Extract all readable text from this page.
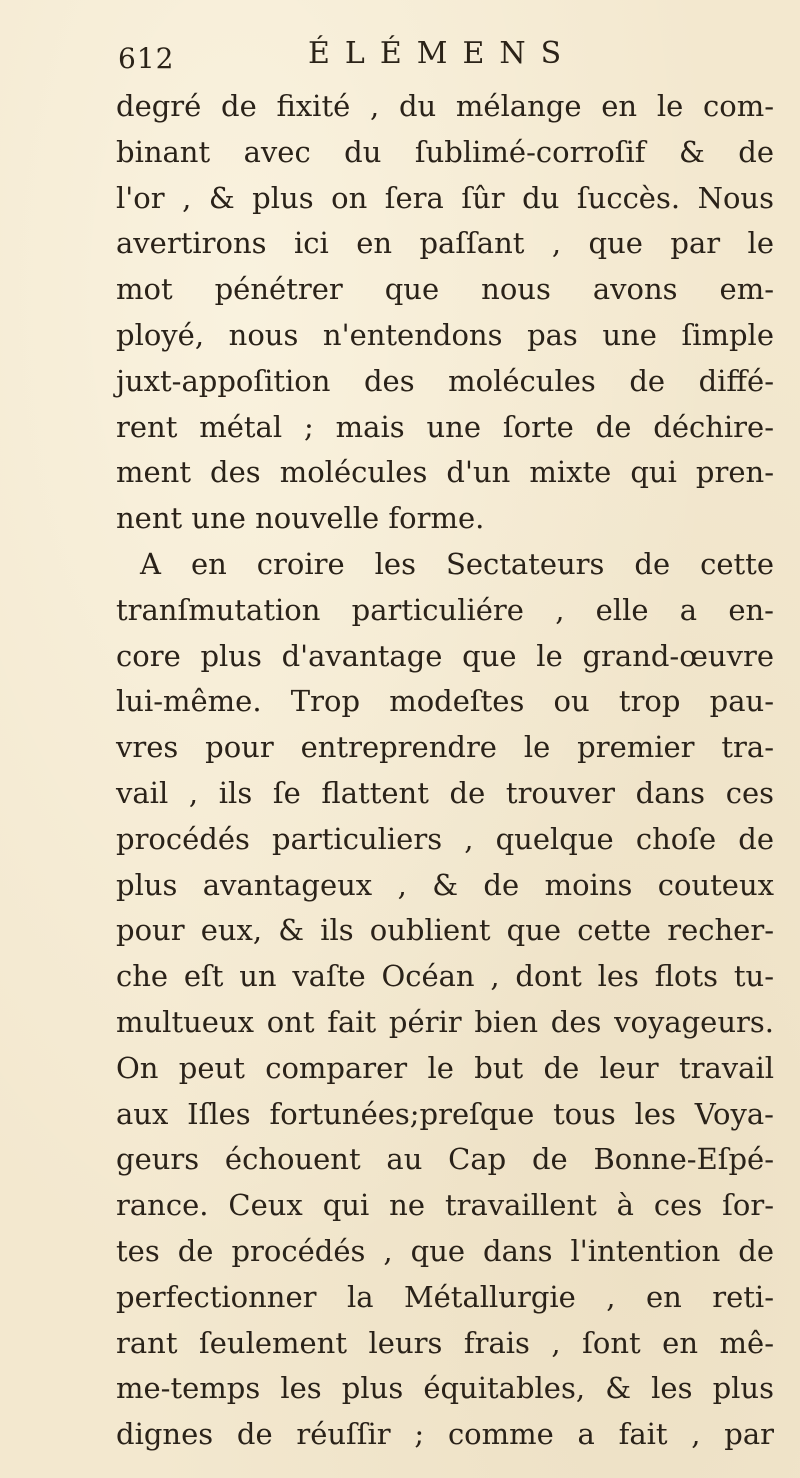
612	ÉLÉMENS
degré de fixité , du mélange en le com-
binant avec du ſublimé-corroſif & de
l'or , & plus on ſera ſûr du ſuccès. Nous
avertirons ici en paſſant , que par le
mot pénétrer que nous avons em-
ployé, nous n'entendons pas une ſimple
juxt-appoſition des molécules de diffé-
rent métal ; mais une ſorte de déchire-
ment des molécules d'un mixte qui pren-
nent une nouvelle forme.
A en croire les Sectateurs de cette
tranſmutation particuliére , elle a en-
core plus d'avantage que le grand-œuvre
lui-même. Trop modeſtes ou trop pau-
vres pour entreprendre le premier tra-
vail , ils ſe flattent de trouver dans ces
procédés particuliers , quelque choſe de
plus avantageux , & de moins couteux
pour eux, & ils oublient que cette recher-
che eſt un vaſte Océan , dont les flots tu-
multueux ont fait périr bien des voyageurs.
On peut comparer le but de leur travail
aux Iſles fortunées;preſque tous les Voya-
geurs échouent au Cap de Bonne-Eſpé-
rance. Ceux qui ne travaillent à ces ſor-
tes de procédés , que dans l'intention de
perfectionner la Métallurgie , en reti-
rant ſeulement leurs frais , ſont en mê-
me-temps les plus équitables, & les plus
dignes de réuſſir ; comme a fait , par
